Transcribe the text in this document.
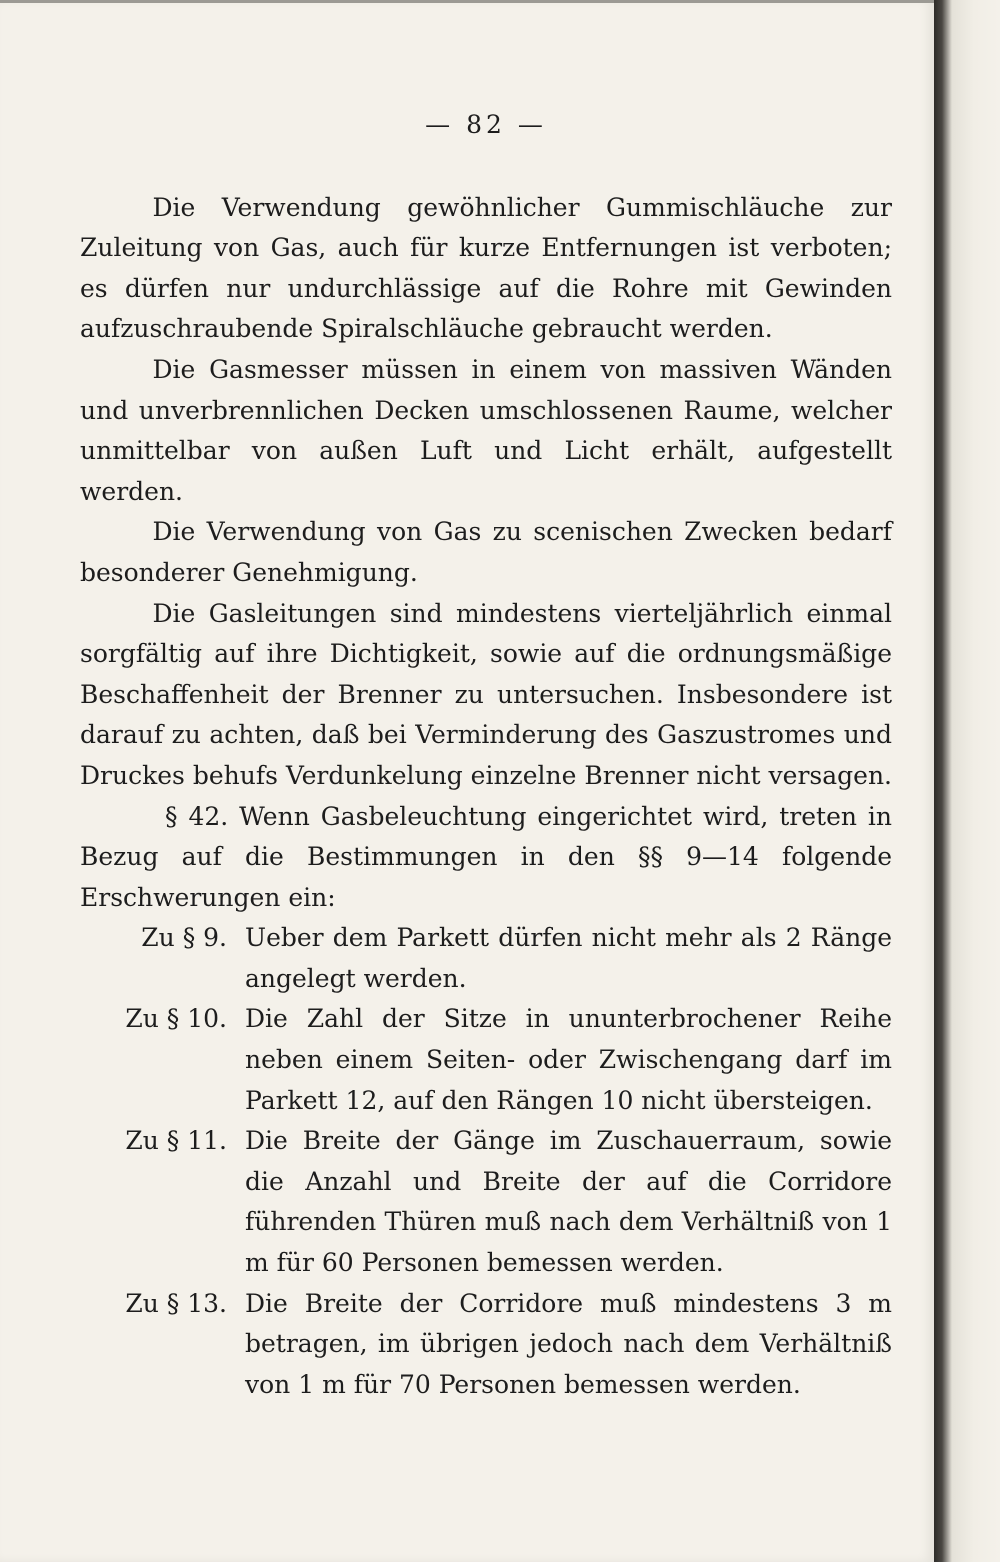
— 82 —

Die Verwendung gewöhnlicher Gummischläuche zur Zuleitung von Gas, auch für kurze Entfernungen ist verboten; es dürfen nur undurchlässige auf die Rohre mit Gewinden aufzuschraubende Spiralschläuche gebraucht werden.

Die Gasmesser müssen in einem von massiven Wänden und unverbrennlichen Decken umschlossenen Raume, welcher unmittelbar von außen Luft und Licht erhält, aufgestellt werden.

Die Verwendung von Gas zu scenischen Zwecken bedarf besonderer Genehmigung.

Die Gasleitungen sind mindestens vierteljährlich einmal sorgfältig auf ihre Dichtigkeit, sowie auf die ordnungsmäßige Beschaffenheit der Brenner zu untersuchen. Insbesondere ist darauf zu achten, daß bei Verminderung des Gaszustromes und Druckes behufs Verdunkelung einzelne Brenner nicht versagen.

§ 42. Wenn Gasbeleuchtung eingerichtet wird, treten in Bezug auf die Bestimmungen in den §§ 9—14 folgende Erschwerungen ein:

Zu § 9. Ueber dem Parkett dürfen nicht mehr als 2 Ränge angelegt werden.
Zu § 10. Die Zahl der Sitze in ununterbrochener Reihe neben einem Seiten- oder Zwischengang darf im Parkett 12, auf den Rängen 10 nicht übersteigen.
Zu § 11. Die Breite der Gänge im Zuschauerraum, sowie die Anzahl und Breite der auf die Corridore führenden Thüren muß nach dem Verhältniß von 1 m für 60 Personen bemessen werden.
Zu § 13. Die Breite der Corridore muß mindestens 3 m betragen, im übrigen jedoch nach dem Verhältniß von 1 m für 70 Personen bemessen werden.
